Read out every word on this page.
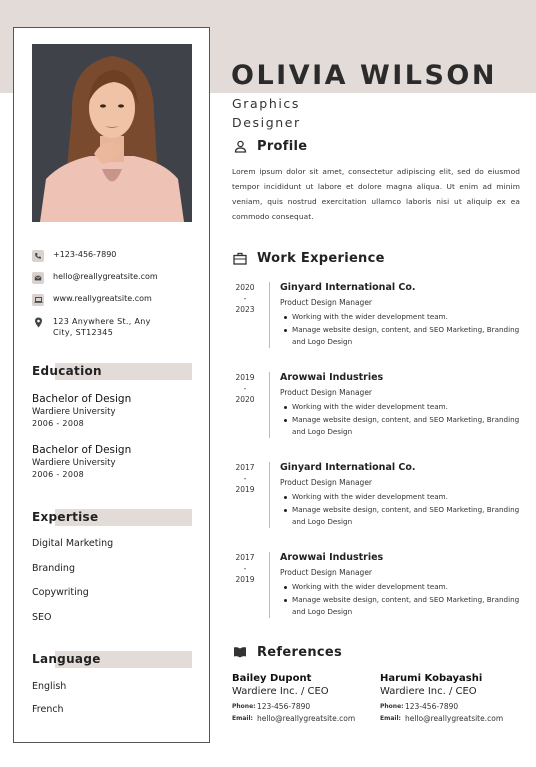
+123-456-7890
hello@reallygreatsite.com
www.reallygreatsite.com
123 Anywhere St., Any
City, ST12345
Education
Bachelor of Design
Wardiere University
2006 - 2008
Bachelor of Design
Wardiere University
2006 - 2008
Expertise
Digital Marketing
Branding
Copywriting
SEO
Language
English
French
OLIVIA WILSON
Graphics
Designer
Profile
Lorem ipsum dolor sit amet, consectetur adipiscing elit, sed do eiusmod tempor incididunt ut labore et dolore magna aliqua. Ut enim ad minim veniam, quis nostrud exercitation ullamco laboris nisi ut aliquip ex ea commodo consequat.
Work Experience
2020
-
2023
Ginyard International Co.
Product Design Manager
Working with the wider development team.
Manage website design, content, and SEO Marketing, Branding and Logo Design
2019
-
2020
Arowwai Industries
Product Design Manager
Working with the wider development team.
Manage website design, content, and SEO Marketing, Branding and Logo Design
2017
-
2019
Ginyard International Co.
Product Design Manager
Working with the wider development team.
Manage website design, content, and SEO Marketing, Branding and Logo Design
2017
-
2019
Arowwai Industries
Product Design Manager
Working with the wider development team.
Manage website design, content, and SEO Marketing, Branding and Logo Design
References
Bailey Dupont
Wardiere Inc. / CEO
Phone: 123-456-7890
Email: hello@reallygreatsite.com
Harumi Kobayashi
Wardiere Inc. / CEO
Phone: 123-456-7890
Email: hello@reallygreatsite.com
